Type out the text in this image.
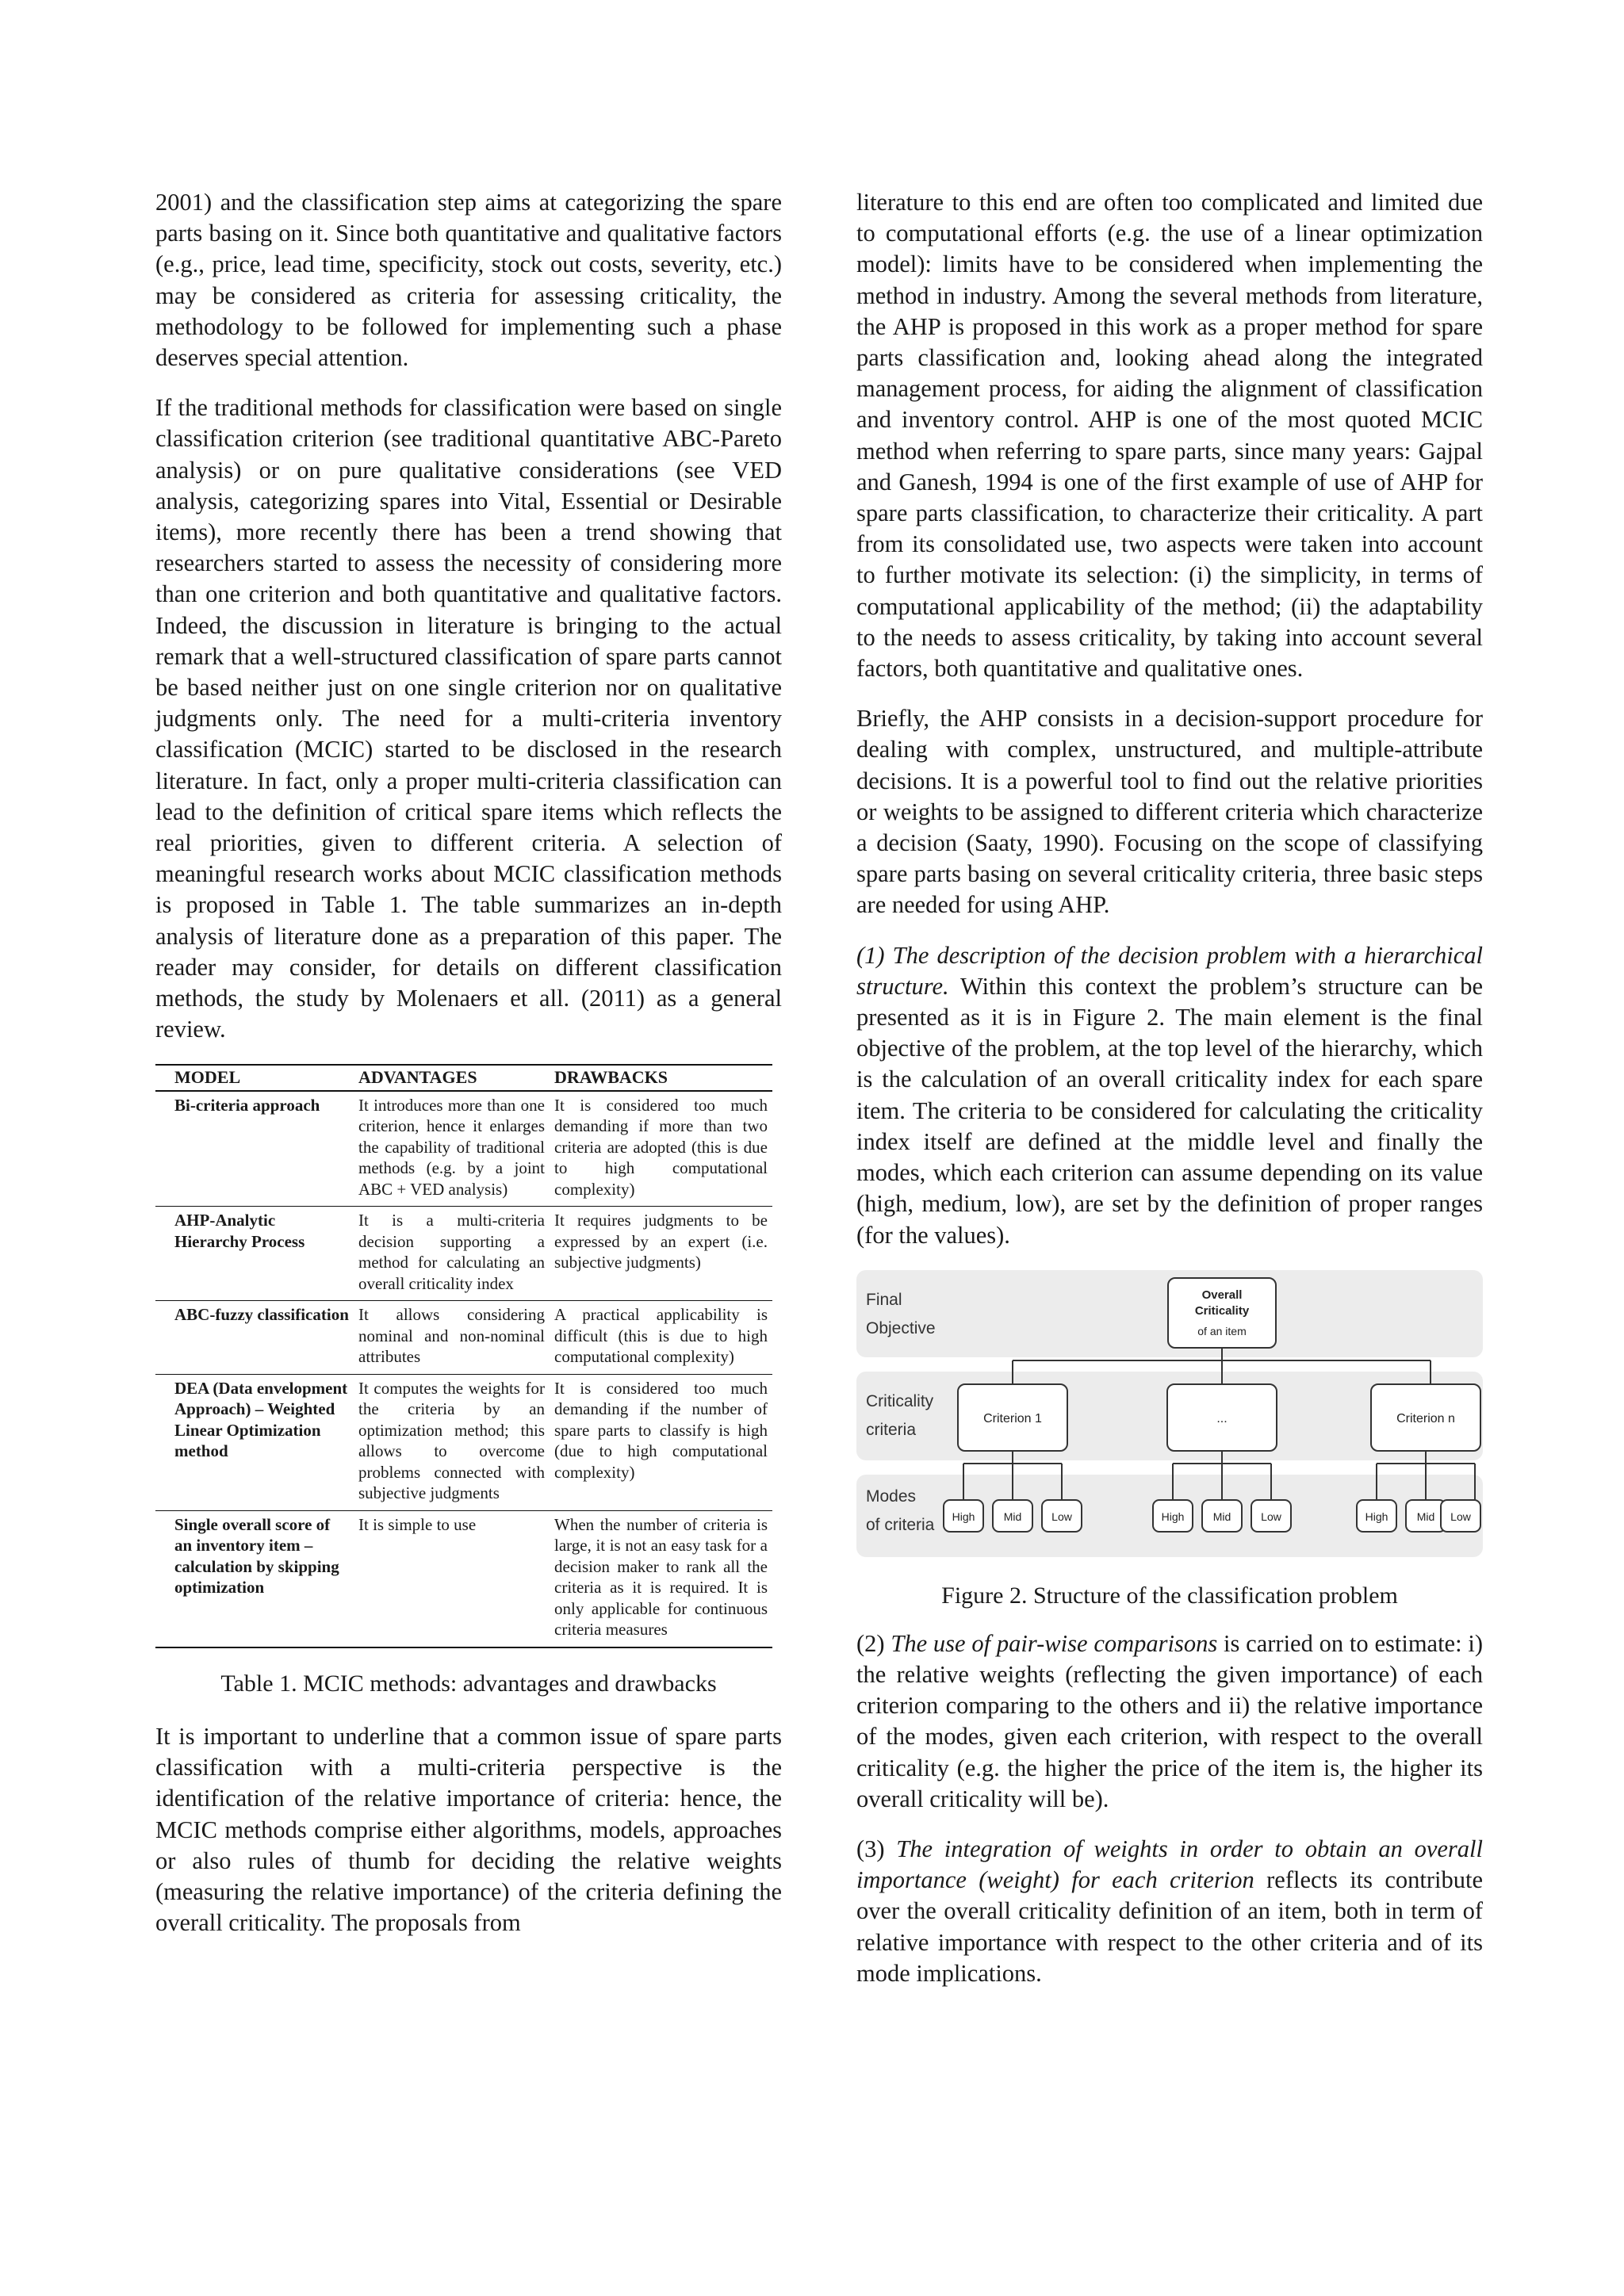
2001) and the classification step aims at categorizing the spare parts basing on it. Since both quantitative and qualitative factors (e.g., price, lead time, specificity, stock out costs, severity, etc.) may be considered as criteria for assessing criticality, the methodology to be followed for implementing such a phase deserves special attention.

If the traditional methods for classification were based on single classification criterion (see traditional quantitative ABC-Pareto analysis) or on pure qualitative considerations (see VED analysis, categorizing spares into Vital, Essential or Desirable items), more recently there has been a trend showing that researchers started to assess the necessity of considering more than one criterion and both quantitative and qualitative factors. Indeed, the discussion in literature is bringing to the actual remark that a well-structured classification of spare parts cannot be based neither just on one single criterion nor on qualitative judgments only. The need for a multi-criteria inventory classification (MCIC) started to be disclosed in the research literature. In fact, only a proper multi-criteria classification can lead to the definition of critical spare items which reflects the real priorities, given to different criteria. A selection of meaningful research works about MCIC classification methods is proposed in Table 1. The table summarizes an in-depth analysis of literature done as a preparation of this paper. The reader may consider, for details on different classification methods, the study by Molenaers et all. (2011) as a general review.

MODEL	ADVANTAGES	DRAWBACKS
Bi-criteria approach	It introduces more than one criterion, hence it enlarges the capability of traditional methods (e.g. by a joint ABC + VED analysis)	It is considered too much demanding if more than two criteria are adopted (this is due to high computational complexity)
AHP-Analytic Hierarchy Process	It is a multi-criteria decision supporting a method for calculating an overall criticality index	It requires judgments to be expressed by an expert (i.e. subjective judgments)
ABC-fuzzy classification	It allows considering nominal and non-nominal attributes	A practical applicability is difficult (this is due to high computational complexity)
DEA (Data envelopment Approach) – Weighted Linear Optimization method	It computes the weights for the criteria by an optimization method; this allows to overcome problems connected with subjective judgments	It is considered too much demanding if the number of spare parts to classify is high (due to high computational complexity)
Single overall score of an inventory item –calculation by skipping optimization	It is simple to use	When the number of criteria is large, it is not an easy task for a decision maker to rank all the criteria as it is required. It is only applicable for continuous criteria measures
Table 1. MCIC methods: advantages and drawbacks

It is important to underline that a common issue of spare parts classification with a multi-criteria perspective is the identification of the relative importance of criteria: hence, the MCIC methods comprise either algorithms, models, approaches or also rules of thumb for deciding the relative weights (measuring the relative importance) of the criteria defining the overall criticality. The proposals from

literature to this end are often too complicated and limited due to computational efforts (e.g. the use of a linear optimization model): limits have to be considered when implementing the method in industry. Among the several methods from literature, the AHP is proposed in this work as a proper method for spare parts classification and, looking ahead along the integrated management process, for aiding the alignment of classification and inventory control. AHP is one of the most quoted MCIC method when referring to spare parts, since many years: Gajpal and Ganesh, 1994 is one of the first example of use of AHP for spare parts classification, to characterize their criticality. A part from its consolidated use, two aspects were taken into account to further motivate its selection: (i) the simplicity, in terms of computational applicability of the method; (ii) the adaptability to the needs to assess criticality, by taking into account several factors, both quantitative and qualitative ones.

Briefly, the AHP consists in a decision-support procedure for dealing with complex, unstructured, and multiple-attribute decisions. It is a powerful tool to find out the relative priorities or weights to be assigned to different criteria which characterize a decision (Saaty, 1990). Focusing on the scope of classifying spare parts basing on several criticality criteria, three basic steps are needed for using AHP.

(1) The description of the decision problem with a hierarchical structure. Within this context the problem’s structure can be presented as it is in Figure 2. The main element is the final objective of the problem, at the top level of the hierarchy, which is the calculation of an overall criticality index for each spare item. The criteria to be considered for calculating the criticality index itself are defined at the middle level and finally the modes, which each criterion can assume depending on its value (high, medium, low), are set by the definition of proper ranges (for the values).

Final
Objective
Criticality
criteria
Modes
of criteria
Overall
Criticality
of an item
Criterion 1	...	Criterion n
High	Mid	Low	High	Mid	Low	High	Mid Low
Figure 2. Structure of the classification problem

(2) The use of pair-wise comparisons is carried on to estimate: i) the relative weights (reflecting the given importance) of each criterion comparing to the others and ii) the relative importance of the modes, given each criterion, with respect to the overall criticality (e.g. the higher the price of the item is, the higher its overall criticality will be).

(3) The integration of weights in order to obtain an overall importance (weight) for each criterion reflects its contribute over the overall criticality definition of an item, both in term of relative importance with respect to the other criteria and of its mode implications.
